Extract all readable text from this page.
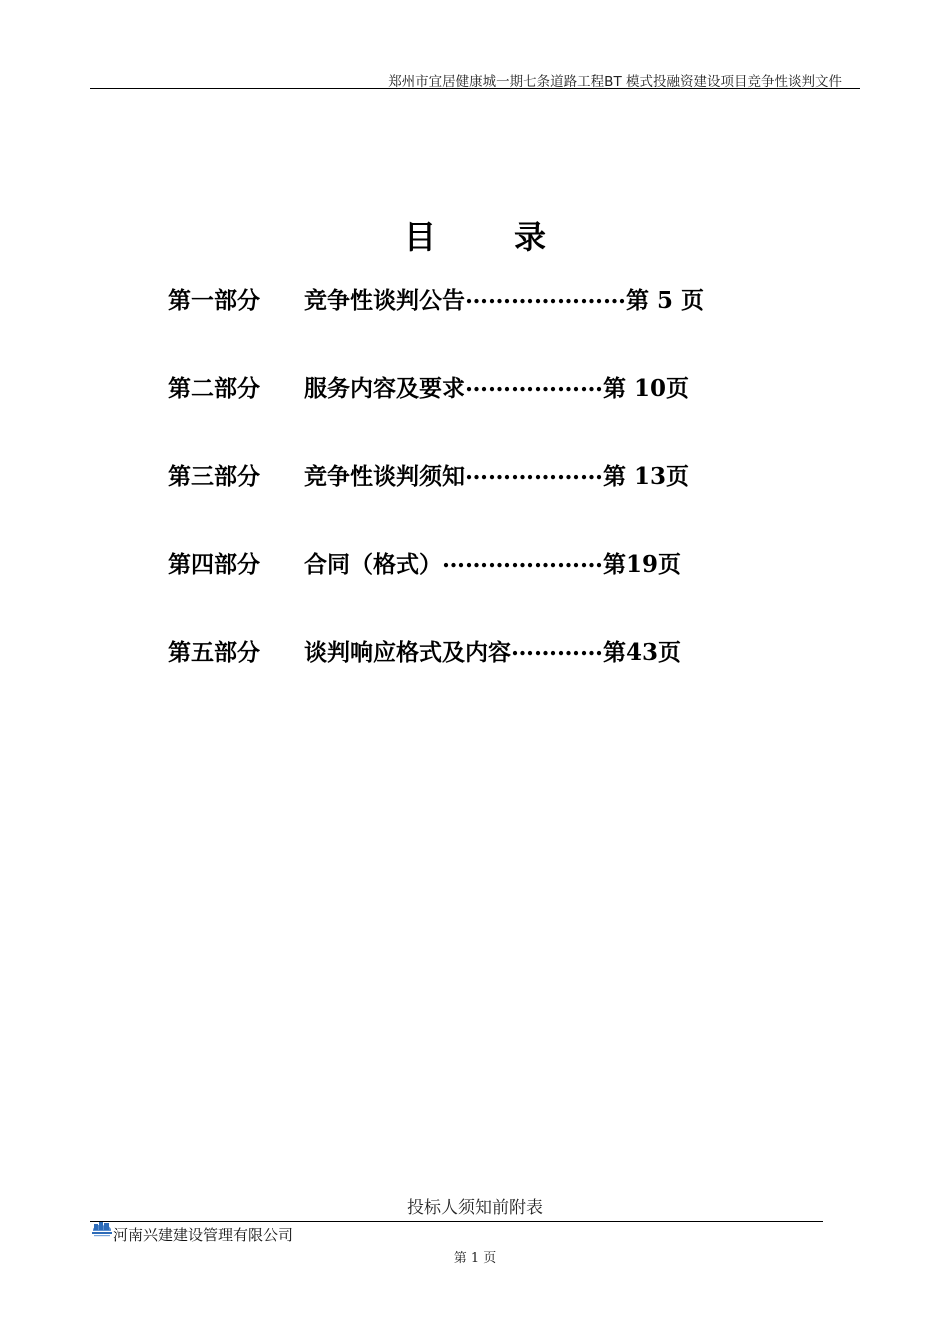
郑州市宜居健康城一期七条道路工程BT 模式投融资建设项目竞争性谈判文件
目 录
第一部分	竞争性谈判公告 ………………… 第 5 页
第二部分	服务内容及要求 ……………… 第 10页
第三部分	竞争性谈判须知 ……………… 第 13页
第四部分	合同（格式） ………………… 第19页
第五部分	谈判响应格式及内容 ………… 第43页
投标人须知前附表
河南兴建建设管理有限公司
第 1 页
